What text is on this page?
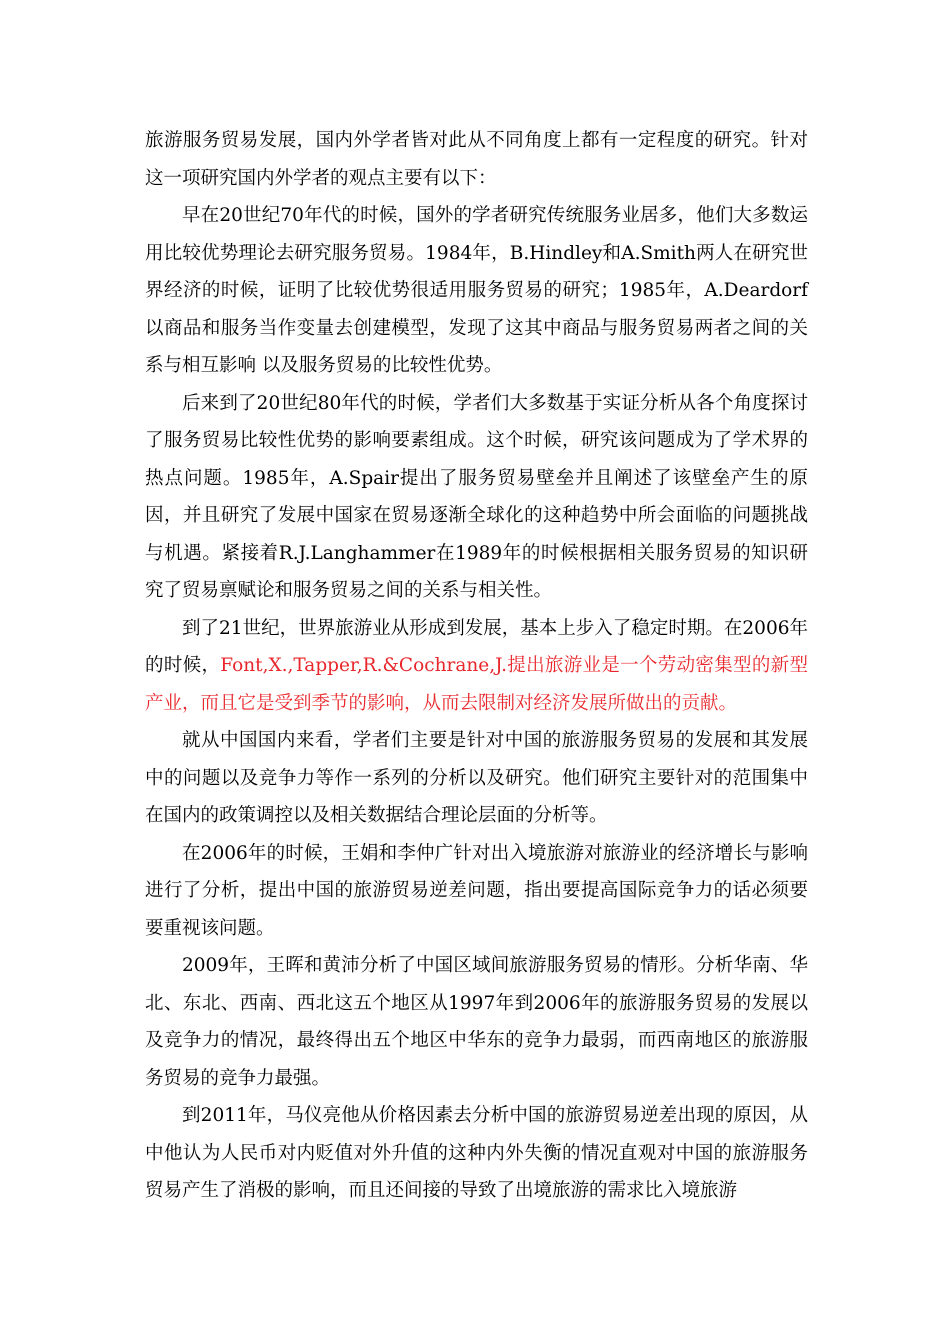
旅游服务贸易发展，国内外学者皆对此从不同角度上都有一定程度的研究。针对这一项研究国内外学者的观点主要有以下：

早在20世纪70年代的时候，国外的学者研究传统服务业居多，他们大多数运用比较优势理论去研究服务贸易。1984年，B.Hindley和A.Smith两人在研究世界经济的时候，证明了比较优势很适用服务贸易的研究；1985年，A.Deardorf以商品和服务当作变量去创建模型，发现了这其中商品与服务贸易两者之间的关系与相互影响 以及服务贸易的比较性优势。

后来到了20世纪80年代的时候，学者们大多数基于实证分析从各个角度探讨了服务贸易比较性优势的影响要素组成。这个时候，研究该问题成为了学术界的热点问题。1985年，A.Spair提出了服务贸易壁垒并且阐述了该壁垒产生的原因，并且研究了发展中国家在贸易逐渐全球化的这种趋势中所会面临的问题挑战与机遇。紧接着R.J.Langhammer在1989年的时候根据相关服务贸易的知识研究了贸易禀赋论和服务贸易之间的关系与相关性。

到了21世纪，世界旅游业从形成到发展，基本上步入了稳定时期。在2006年的时候，Font,X.,Tapper,R.&Cochrane,J.提出旅游业是一个劳动密集型的新型产业，而且它是受到季节的影响，从而去限制对经济发展所做出的贡献。

就从中国国内来看，学者们主要是针对中国的旅游服务贸易的发展和其发展中的问题以及竞争力等作一系列的分析以及研究。他们研究主要针对的范围集中在国内的政策调控以及相关数据结合理论层面的分析等。

在2006年的时候，王娟和李仲广针对出入境旅游对旅游业的经济增长与影响进行了分析，提出中国的旅游贸易逆差问题，指出要提高国际竞争力的话必须要要重视该问题。

2009年，王晖和黄沛分析了中国区域间旅游服务贸易的情形。分析华南、华北、东北、西南、西北这五个地区从1997年到2006年的旅游服务贸易的发展以及竞争力的情况，最终得出五个地区中华东的竞争力最弱，而西南地区的旅游服务贸易的竞争力最强。

到2011年，马仪亮他从价格因素去分析中国的旅游贸易逆差出现的原因，从中他认为人民币对内贬值对外升值的这种内外失衡的情况直观对中国的旅游服务贸易产生了消极的影响，而且还间接的导致了出境旅游的需求比入境旅游
